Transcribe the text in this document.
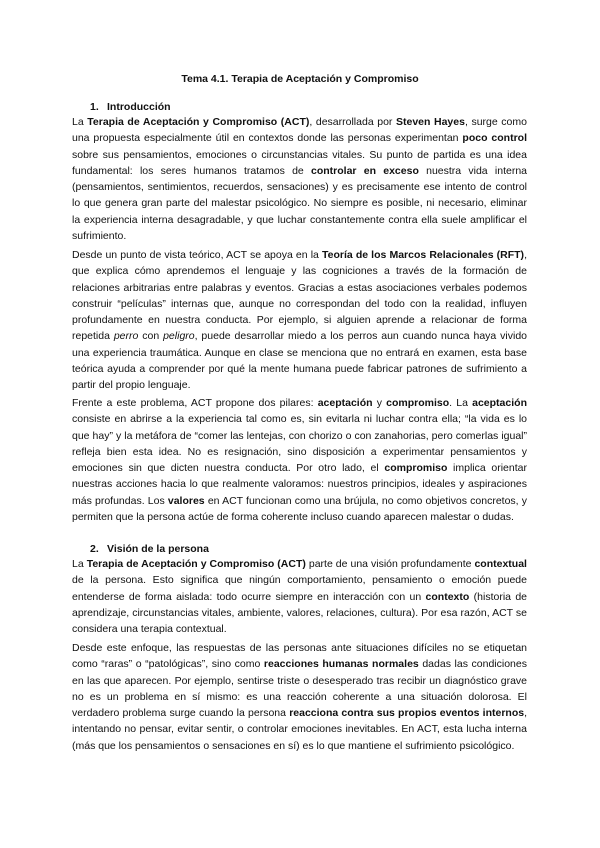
Tema 4.1. Terapia de Aceptación y Compromiso
1. Introducción

La Terapia de Aceptación y Compromiso (ACT), desarrollada por Steven Hayes, surge como una propuesta especialmente útil en contextos donde las personas experimentan poco control sobre sus pensamientos, emociones o circunstancias vitales. Su punto de partida es una idea fundamental: los seres humanos tratamos de controlar en exceso nuestra vida interna (pensamientos, sentimientos, recuerdos, sensaciones) y es precisamente ese intento de control lo que genera gran parte del malestar psicológico. No siempre es posible, ni necesario, eliminar la experiencia interna desagradable, y que luchar constantemente contra ella suele amplificar el sufrimiento.

Desde un punto de vista teórico, ACT se apoya en la Teoría de los Marcos Relacionales (RFT), que explica cómo aprendemos el lenguaje y las cogniciones a través de la formación de relaciones arbitrarias entre palabras y eventos. Gracias a estas asociaciones verbales podemos construir “películas” internas que, aunque no correspondan del todo con la realidad, influyen profundamente en nuestra conducta. Por ejemplo, si alguien aprende a relacionar de forma repetida perro con peligro, puede desarrollar miedo a los perros aun cuando nunca haya vivido una experiencia traumática. Aunque en clase se menciona que no entrará en examen, esta base teórica ayuda a comprender por qué la mente humana puede fabricar patrones de sufrimiento a partir del propio lenguaje.

Frente a este problema, ACT propone dos pilares: aceptación y compromiso. La aceptación consiste en abrirse a la experiencia tal como es, sin evitarla ni luchar contra ella; “la vida es lo que hay” y la metáfora de “comer las lentejas, con chorizo o con zanahorias, pero comerlas igual” refleja bien esta idea. No es resignación, sino disposición a experimentar pensamientos y emociones sin que dicten nuestra conducta. Por otro lado, el compromiso implica orientar nuestras acciones hacia lo que realmente valoramos: nuestros principios, ideales y aspiraciones más profundas. Los valores en ACT funcionan como una brújula, no como objetivos concretos, y permiten que la persona actúe de forma coherente incluso cuando aparecen malestar o dudas.

2. Visión de la persona

La Terapia de Aceptación y Compromiso (ACT) parte de una visión profundamente contextual de la persona. Esto significa que ningún comportamiento, pensamiento o emoción puede entenderse de forma aislada: todo ocurre siempre en interacción con un contexto (historia de aprendizaje, circunstancias vitales, ambiente, valores, relaciones, cultura). Por esa razón, ACT se considera una terapia contextual.

Desde este enfoque, las respuestas de las personas ante situaciones difíciles no se etiquetan como “raras” o “patológicas”, sino como reacciones humanas normales dadas las condiciones en las que aparecen. Por ejemplo, sentirse triste o desesperado tras recibir un diagnóstico grave no es un problema en sí mismo: es una reacción coherente a una situación dolorosa. El verdadero problema surge cuando la persona reacciona contra sus propios eventos internos, intentando no pensar, evitar sentir, o controlar emociones inevitables. En ACT, esta lucha interna (más que los pensamientos o sensaciones en sí) es lo que mantiene el sufrimiento psicológico.
